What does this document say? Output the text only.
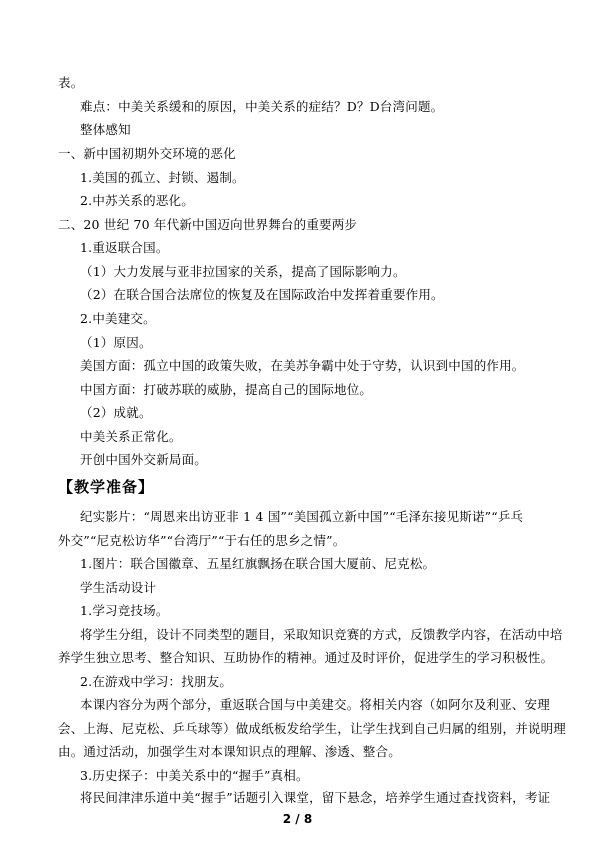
表。
难点：中美关系缓和的原因，中美关系的症结？D？D台湾问题。
整体感知
一、新中国初期外交环境的恶化
1.美国的孤立、封锁、遏制。
2.中苏关系的恶化。
二、20 世纪 70 年代新中国迈向世界舞台的重要两步
1.重返联合国。
（1）大力发展与亚非拉国家的关系，提高了国际影响力。
（2）在联合国合法席位的恢复及在国际政治中发挥着重要作用。
2.中美建交。
（1）原因。
美国方面：孤立中国的政策失败，在美苏争霸中处于守势，认识到中国的作用。
中国方面：打破苏联的威胁，提高自己的国际地位。
（2）成就。
中美关系正常化。
开创中国外交新局面。
【教学准备】
纪实影片：“周恩来出访亚非 1 4 国”“美国孤立新中国”“毛泽东接见斯诺”“乒乓
外交”“尼克松访华”“台湾厅”“于右任的思乡之情”。
1.图片：联合国徽章、五星红旗飘扬在联合国大厦前、尼克松。
学生活动设计
1.学习竞技场。
将学生分组，设计不同类型的题目，采取知识竞赛的方式，反馈教学内容，在活动中培
养学生独立思考、整合知识、互助协作的精神。通过及时评价，促进学生的学习积极性。
2.在游戏中学习：找朋友。
本课内容分为两个部分，重返联合国与中美建交。将相关内容（如阿尔及利亚、安理
会、上海、尼克松、乒乓球等）做成纸板发给学生，让学生找到自己归属的组别，并说明理
由。通过活动，加强学生对本课知识点的理解、渗透、整合。
3.历史探子：中美关系中的“握手”真相。
将民间津津乐道中美“握手”话题引入课堂，留下悬念，培养学生通过查找资料，考证
2 / 8
